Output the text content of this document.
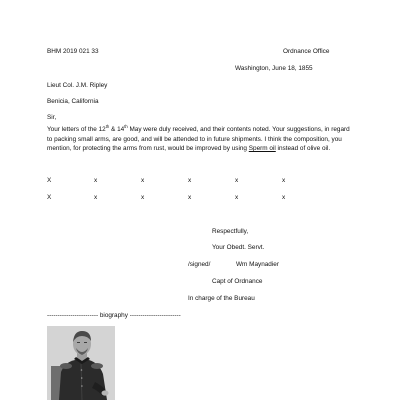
BHM 2019 021 33	Ordnance Office
Washington, June 18, 1855
Lieut Col. J.M. Ripley
Benicia, California
Sir,
Your letters of the 12th & 14th May were duly received, and their contents noted. Your suggestions, in regard to packing small arms, are good, and will be attended to in future shipments. I think the composition, you mention, for protecting the arms from rust, would be improved by using Sperm oil instead of olive oil.
X	x	x	x	x	x
X	x	x	x	x	x
Respectfully,
Your Obedt. Servt.
/signed/	Wm Maynadier
Capt of Ordnance
In charge of the Bureau
------------------------ biography ------------------------
